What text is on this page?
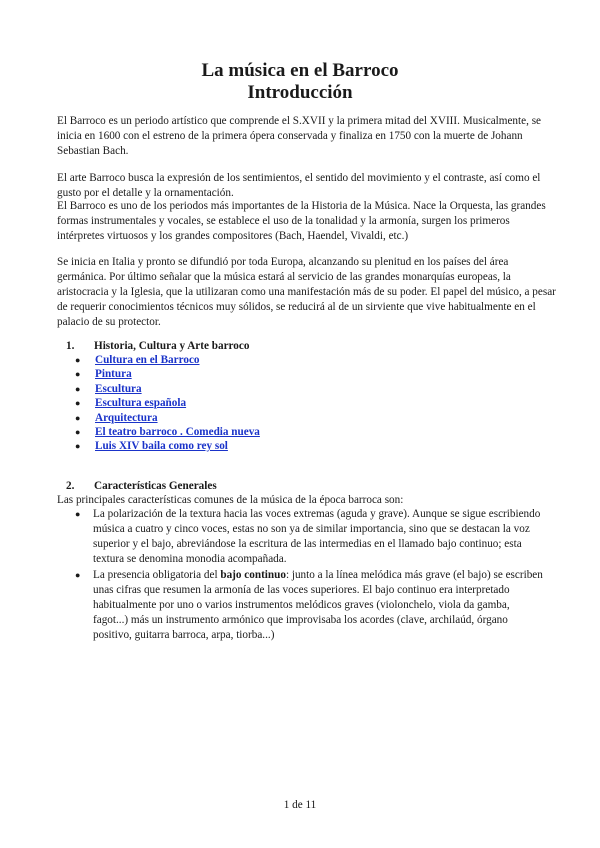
La música en el Barroco
Introducción

El Barroco es un periodo artístico que comprende el S.XVII y la primera mitad del XVIII. Musicalmente, se inicia en 1600 con el estreno de la primera ópera conservada y finaliza en 1750 con la muerte de Johann Sebastian Bach.

El arte Barroco busca la expresión de los sentimientos, el sentido del movimiento y el contraste, así como el gusto por el detalle y la ornamentación.

El Barroco es uno de los periodos más importantes de la Historia de la Música. Nace la Orquesta, las grandes formas instrumentales y vocales, se establece el uso de la tonalidad y la armonía, surgen los primeros intérpretes virtuosos y los grandes compositores (Bach, Haendel, Vivaldi, etc.)

Se inicia en Italia y pronto se difundió por toda Europa, alcanzando su plenitud en los países del área germánica. Por último señalar que la música estará al servicio de las grandes monarquías europeas, la aristocracia y la Iglesia, que la utilizaran como una manifestación más de su poder. El papel del músico, a pesar de requerir conocimientos técnicos muy sólidos, se reducirá al de un sirviente que vive habitualmente en el palacio de su protector.

1. Historia, Cultura y Arte barroco
● Cultura en el Barroco
● Pintura
● Escultura
● Escultura española
● Arquitectura
● El teatro barroco . Comedia nueva
● Luis XIV baila como rey sol
2. Características Generales

Las principales características comunes de la música de la época barroca son:

● La polarización de la textura hacia las voces extremas (aguda y grave). Aunque se sigue escribiendo música a cuatro y cinco voces, estas no son ya de similar importancia, sino que se destacan la voz superior y el bajo, abreviándose la escritura de las intermedias en el llamado bajo continuo; esta textura se denomina monodia acompañada.
● La presencia obligatoria del bajo continuo: junto a la línea melódica más grave (el bajo) se escriben unas cifras que resumen la armonía de las voces superiores. El bajo continuo era interpretado habitualmente por uno o varios instrumentos melódicos graves (violonchelo, viola da gamba, fagot...) más un instrumento armónico que improvisaba los acordes (clave, archilaúd, órgano positivo, guitarra barroca, arpa, tiorba...)

1 de 11
